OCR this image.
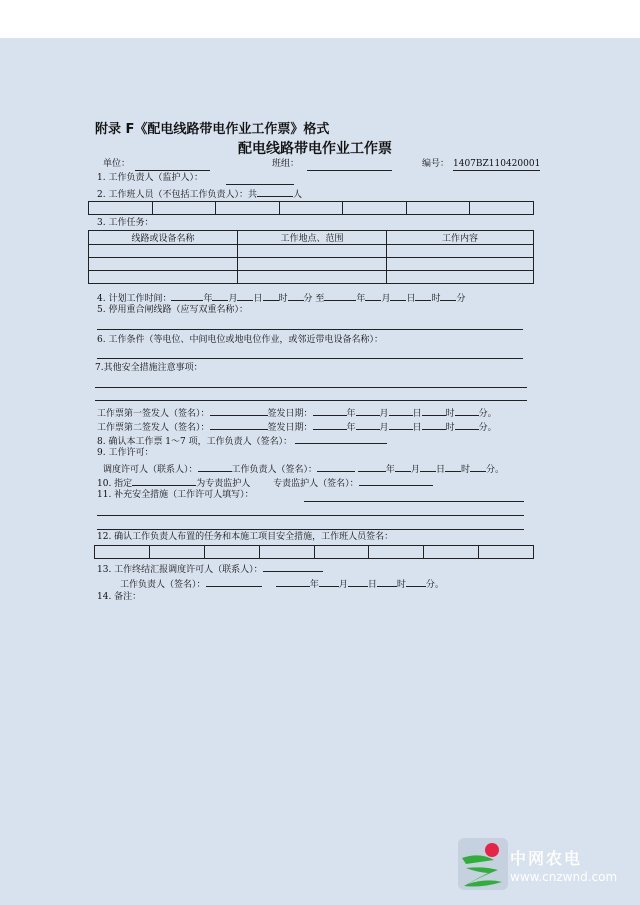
附录 F《配电线路带电作业工作票》格式
配电线路带电作业工作票
单位：	班组：	编号： 1407BZ110420001
1. 工作负责人（监护人）：
2. 工作班人员（不包括工作负责人）：共	人

3. 工作任务：
线路或设备名称	工作地点、范围	工作内容

4. 计划工作时间：	年 月 日 时 分 至	年 月 日 时 分
5. 停用重合闸线路（应写双重名称）：
6. 工作条件（等电位、中间电位或地电位作业，或邻近带电设备名称）：
7.其他安全措施注意事项：
工作票第一签发人（签名）：	签发日期：	年	月	日	时	分。
工作票第二签发人（签名）：	签发日期：	年	月	日	时	分。
8. 确认本工作票 1～7 项，工作负责人（签名）：
9. 工作许可：
调度许可人（联系人）：	工作负责人（签名）：	年 月 日 时 分。
10. 指定	为专责监护人	专责监护人（签名）：
11. 补充安全措施（工作许可人填写）：
12. 确认工作负责人布置的任务和本施工项目安全措施，工作班人员签名：

13. 工作终结汇报调度许可人（联系人）：
工作负责人（签名）：	年 月 日 时 分。
14. 备注：
中网农电
www.cnzwnd.com
